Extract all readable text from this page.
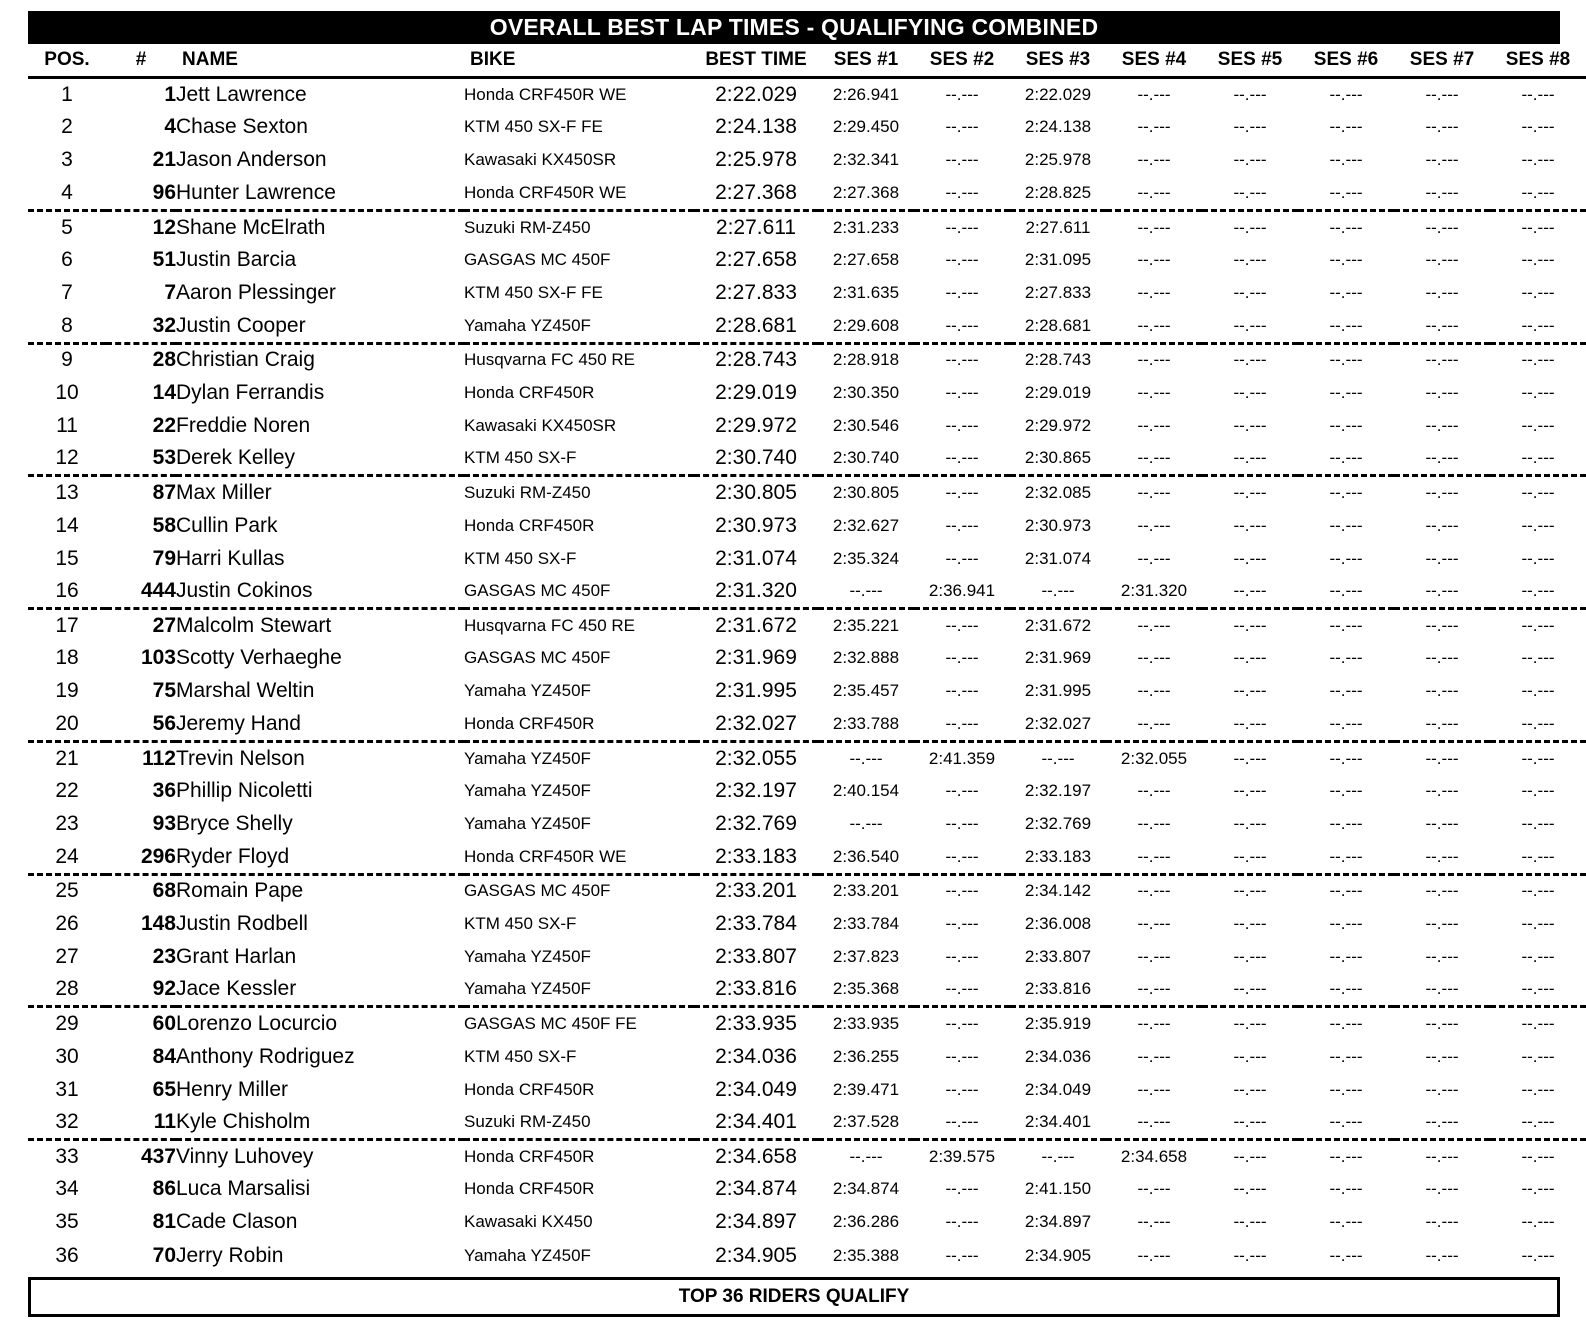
OVERALL BEST LAP TIMES - QUALIFYING COMBINED
POS.	#	NAME	BIKE	BEST TIME	SES #1	SES #2	SES #3	SES #4	SES #5	SES #6	SES #7	SES #8
1	1	Jett Lawrence	Honda CRF450R WE	2:22.029	2:26.941	--.---	2:22.029	--.---	--.---	--.---	--.---	--.---
2	4	Chase Sexton	KTM 450 SX-F FE	2:24.138	2:29.450	--.---	2:24.138	--.---	--.---	--.---	--.---	--.---
3	21	Jason Anderson	Kawasaki KX450SR	2:25.978	2:32.341	--.---	2:25.978	--.---	--.---	--.---	--.---	--.---
4	96	Hunter Lawrence	Honda CRF450R WE	2:27.368	2:27.368	--.---	2:28.825	--.---	--.---	--.---	--.---	--.---
5	12	Shane McElrath	Suzuki RM-Z450	2:27.611	2:31.233	--.---	2:27.611	--.---	--.---	--.---	--.---	--.---
6	51	Justin Barcia	GASGAS MC 450F	2:27.658	2:27.658	--.---	2:31.095	--.---	--.---	--.---	--.---	--.---
7	7	Aaron Plessinger	KTM 450 SX-F FE	2:27.833	2:31.635	--.---	2:27.833	--.---	--.---	--.---	--.---	--.---
8	32	Justin Cooper	Yamaha YZ450F	2:28.681	2:29.608	--.---	2:28.681	--.---	--.---	--.---	--.---	--.---
9	28	Christian Craig	Husqvarna FC 450 RE	2:28.743	2:28.918	--.---	2:28.743	--.---	--.---	--.---	--.---	--.---
10	14	Dylan Ferrandis	Honda CRF450R	2:29.019	2:30.350	--.---	2:29.019	--.---	--.---	--.---	--.---	--.---
11	22	Freddie Noren	Kawasaki KX450SR	2:29.972	2:30.546	--.---	2:29.972	--.---	--.---	--.---	--.---	--.---
12	53	Derek Kelley	KTM 450 SX-F	2:30.740	2:30.740	--.---	2:30.865	--.---	--.---	--.---	--.---	--.---
13	87	Max Miller	Suzuki RM-Z450	2:30.805	2:30.805	--.---	2:32.085	--.---	--.---	--.---	--.---	--.---
14	58	Cullin Park	Honda CRF450R	2:30.973	2:32.627	--.---	2:30.973	--.---	--.---	--.---	--.---	--.---
15	79	Harri Kullas	KTM 450 SX-F	2:31.074	2:35.324	--.---	2:31.074	--.---	--.---	--.---	--.---	--.---
16	444	Justin Cokinos	GASGAS MC 450F	2:31.320	--.---	2:36.941	--.---	2:31.320	--.---	--.---	--.---	--.---
17	27	Malcolm Stewart	Husqvarna FC 450 RE	2:31.672	2:35.221	--.---	2:31.672	--.---	--.---	--.---	--.---	--.---
18	103	Scotty Verhaeghe	GASGAS MC 450F	2:31.969	2:32.888	--.---	2:31.969	--.---	--.---	--.---	--.---	--.---
19	75	Marshal Weltin	Yamaha YZ450F	2:31.995	2:35.457	--.---	2:31.995	--.---	--.---	--.---	--.---	--.---
20	56	Jeremy Hand	Honda CRF450R	2:32.027	2:33.788	--.---	2:32.027	--.---	--.---	--.---	--.---	--.---
21	112	Trevin Nelson	Yamaha YZ450F	2:32.055	--.---	2:41.359	--.---	2:32.055	--.---	--.---	--.---	--.---
22	36	Phillip Nicoletti	Yamaha YZ450F	2:32.197	2:40.154	--.---	2:32.197	--.---	--.---	--.---	--.---	--.---
23	93	Bryce Shelly	Yamaha YZ450F	2:32.769	--.---	--.---	2:32.769	--.---	--.---	--.---	--.---	--.---
24	296	Ryder Floyd	Honda CRF450R WE	2:33.183	2:36.540	--.---	2:33.183	--.---	--.---	--.---	--.---	--.---
25	68	Romain Pape	GASGAS MC 450F	2:33.201	2:33.201	--.---	2:34.142	--.---	--.---	--.---	--.---	--.---
26	148	Justin Rodbell	KTM 450 SX-F	2:33.784	2:33.784	--.---	2:36.008	--.---	--.---	--.---	--.---	--.---
27	23	Grant Harlan	Yamaha YZ450F	2:33.807	2:37.823	--.---	2:33.807	--.---	--.---	--.---	--.---	--.---
28	92	Jace Kessler	Yamaha YZ450F	2:33.816	2:35.368	--.---	2:33.816	--.---	--.---	--.---	--.---	--.---
29	60	Lorenzo Locurcio	GASGAS MC 450F FE	2:33.935	2:33.935	--.---	2:35.919	--.---	--.---	--.---	--.---	--.---
30	84	Anthony Rodriguez	KTM 450 SX-F	2:34.036	2:36.255	--.---	2:34.036	--.---	--.---	--.---	--.---	--.---
31	65	Henry Miller	Honda CRF450R	2:34.049	2:39.471	--.---	2:34.049	--.---	--.---	--.---	--.---	--.---
32	11	Kyle Chisholm	Suzuki RM-Z450	2:34.401	2:37.528	--.---	2:34.401	--.---	--.---	--.---	--.---	--.---
33	437	Vinny Luhovey	Honda CRF450R	2:34.658	--.---	2:39.575	--.---	2:34.658	--.---	--.---	--.---	--.---
34	86	Luca Marsalisi	Honda CRF450R	2:34.874	2:34.874	--.---	2:41.150	--.---	--.---	--.---	--.---	--.---
35	81	Cade Clason	Kawasaki KX450	2:34.897	2:36.286	--.---	2:34.897	--.---	--.---	--.---	--.---	--.---
36	70	Jerry Robin	Yamaha YZ450F	2:34.905	2:35.388	--.---	2:34.905	--.---	--.---	--.---	--.---	--.---
TOP 36 RIDERS QUALIFY
